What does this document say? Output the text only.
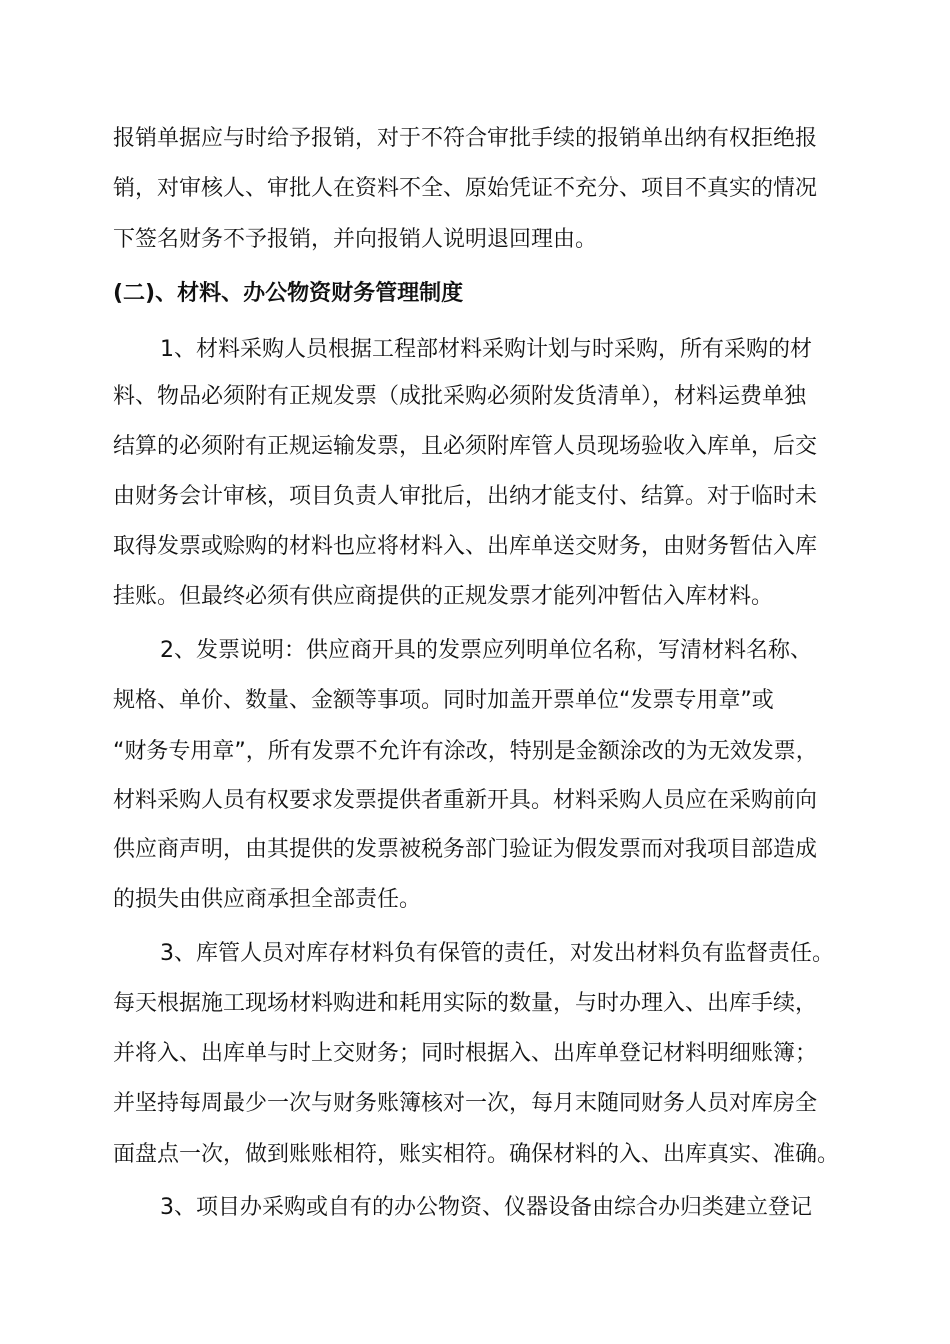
报销单据应与时给予报销，对于不符合审批手续的报销单出纳有权拒绝报
销，对审核人、审批人在资料不全、原始凭证不充分、项目不真实的情况
下签名财务不予报销，并向报销人说明退回理由。
(二)、材料、办公物资财务管理制度
1、材料采购人员根据工程部材料采购计划与时采购，所有采购的材
料、物品必须附有正规发票（成批采购必须附发货清单），材料运费单独
结算的必须附有正规运输发票，且必须附库管人员现场验收入库单，后交
由财务会计审核，项目负责人审批后，出纳才能支付、结算。对于临时未
取得发票或赊购的材料也应将材料入、出库单送交财务，由财务暂估入库
挂账。但最终必须有供应商提供的正规发票才能列冲暂估入库材料。
2、发票说明：供应商开具的发票应列明单位名称，写清材料名称、
规格、单价、数量、金额等事项。同时加盖开票单位“发票专用章”或
“财务专用章”，所有发票不允许有涂改，特别是金额涂改的为无效发票，
材料采购人员有权要求发票提供者重新开具。材料采购人员应在采购前向
供应商声明，由其提供的发票被税务部门验证为假发票而对我项目部造成
的损失由供应商承担全部责任。
3、库管人员对库存材料负有保管的责任，对发出材料负有监督责任。
每天根据施工现场材料购进和耗用实际的数量，与时办理入、出库手续，
并将入、出库单与时上交财务；同时根据入、出库单登记材料明细账簿；
并坚持每周最少一次与财务账簿核对一次，每月末随同财务人员对库房全
面盘点一次，做到账账相符，账实相符。确保材料的入、出库真实、准确。
3、项目办采购或自有的办公物资、仪器设备由综合办归类建立登记
